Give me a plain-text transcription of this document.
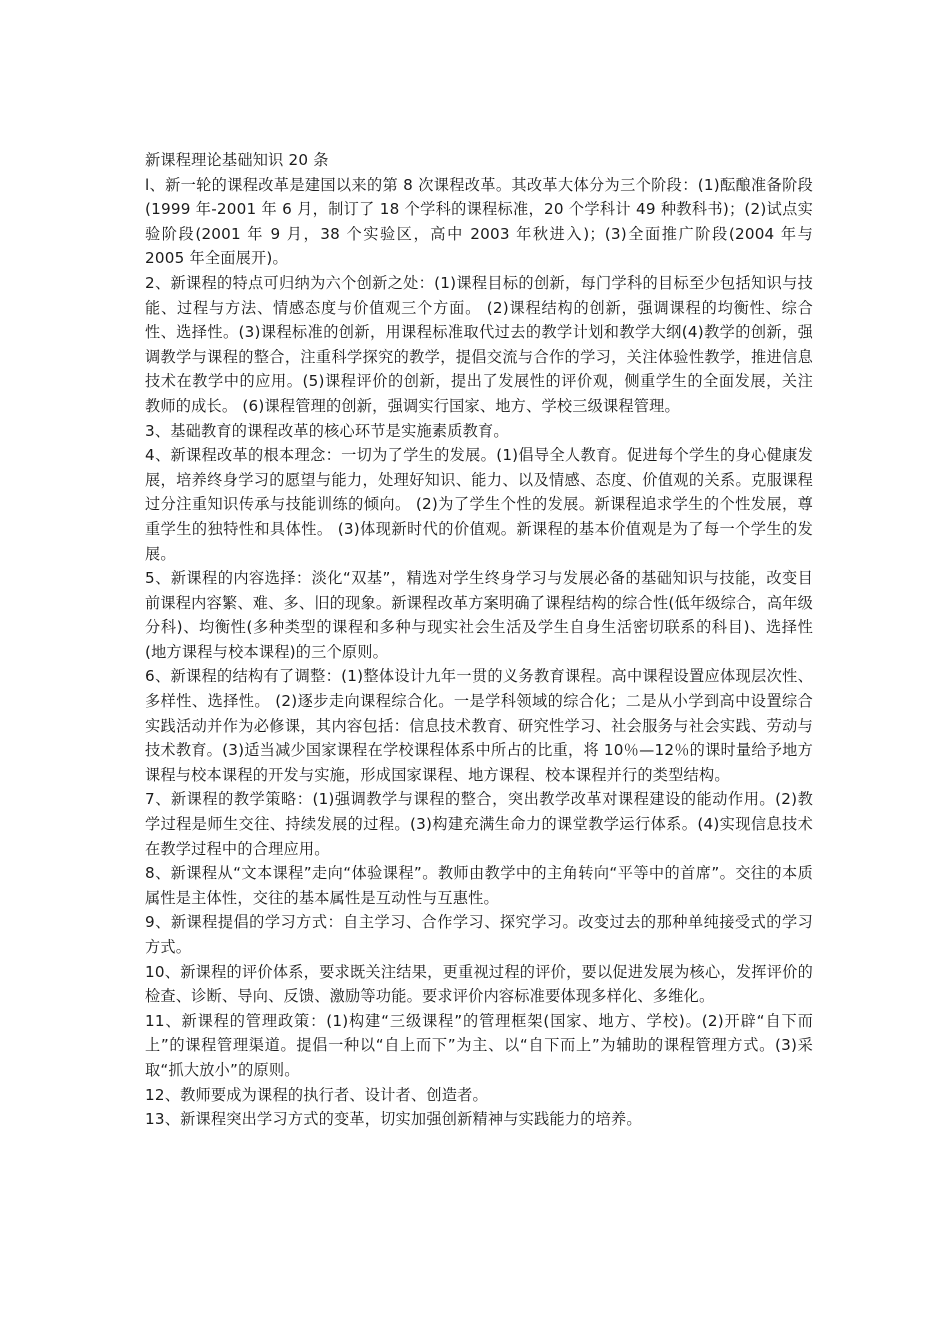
新课程理论基础知识 20 条

l、新一轮的课程改革是建国以来的第 8 次课程改革。其改革大体分为三个阶段：(1)酝酿准备阶段(1999 年-2001 年 6 月，制订了 18 个学科的课程标准，20 个学科计 49 种教科书)；(2)试点实验阶段(2001 年 9 月，38 个实验区，高中 2003 年秋进入)；(3)全面推广阶段(2004 年与 2005 年全面展开)。

2、新课程的特点可归纳为六个创新之处：(1)课程目标的创新，每门学科的目标至少包括知识与技能、过程与方法、情感态度与价值观三个方面。 (2)课程结构的创新，强调课程的均衡性、综合性、选择性。(3)课程标准的创新，用课程标准取代过去的教学计划和教学大纲(4)教学的创新，强调教学与课程的整合，注重科学探究的教学，提倡交流与合作的学习，关注体验性教学，推进信息技术在教学中的应用。(5)课程评价的创新，提出了发展性的评价观，侧重学生的全面发展，关注教师的成长。 (6)课程管理的创新，强调实行国家、地方、学校三级课程管理。

3、基础教育的课程改革的核心环节是实施素质教育。

4、新课程改革的根本理念：一切为了学生的发展。(1)倡导全人教育。促进每个学生的身心健康发展，培养终身学习的愿望与能力，处理好知识、能力、以及情感、态度、价值观的关系。克服课程过分注重知识传承与技能训练的倾向。 (2)为了学生个性的发展。新课程追求学生的个性发展，尊重学生的独特性和具体性。 (3)体现新时代的价值观。新课程的基本价值观是为了每一个学生的发展。

5、新课程的内容选择：淡化“双基”，精选对学生终身学习与发展必备的基础知识与技能，改变目前课程内容繁、难、多、旧的现象。新课程改革方案明确了课程结构的综合性(低年级综合，高年级分科)、均衡性(多种类型的课程和多种与现实社会生活及学生自身生活密切联系的科目)、选择性(地方课程与校本课程)的三个原则。

6、新课程的结构有了调整：(1)整体设计九年一贯的义务教育课程。高中课程设置应体现层次性、多样性、选择性。 (2)逐步走向课程综合化。一是学科领域的综合化；二是从小学到高中设置综合实践活动并作为必修课，其内容包括：信息技术教育、研究性学习、社会服务与社会实践、劳动与技术教育。(3)适当减少国家课程在学校课程体系中所占的比重，将 10％—12％的课时量给予地方课程与校本课程的开发与实施，形成国家课程、地方课程、校本课程并行的类型结构。

7、新课程的教学策略：(1)强调教学与课程的整合，突出教学改革对课程建设的能动作用。(2)教学过程是师生交往、持续发展的过程。(3)构建充满生命力的课堂教学运行体系。(4)实现信息技术在教学过程中的合理应用。

8、新课程从“文本课程”走向“体验课程”。教师由教学中的主角转向“平等中的首席”。交往的本质属性是主体性，交往的基本属性是互动性与互惠性。

9、新课程提倡的学习方式：自主学习、合作学习、探究学习。改变过去的那种单纯接受式的学习方式。

10、新课程的评价体系，要求既关注结果，更重视过程的评价，要以促进发展为核心，发挥评价的检查、诊断、导向、反馈、激励等功能。要求评价内容标准要体现多样化、多维化。

11、新课程的管理政策：(1)构建“三级课程”的管理框架(国家、地方、学校)。(2)开辟“自下而上”的课程管理渠道。提倡一种以“自上而下”为主、以“自下而上”为辅助的课程管理方式。(3)采取“抓大放小”的原则。

12、教师要成为课程的执行者、设计者、创造者。

13、新课程突出学习方式的变革，切实加强创新精神与实践能力的培养。
